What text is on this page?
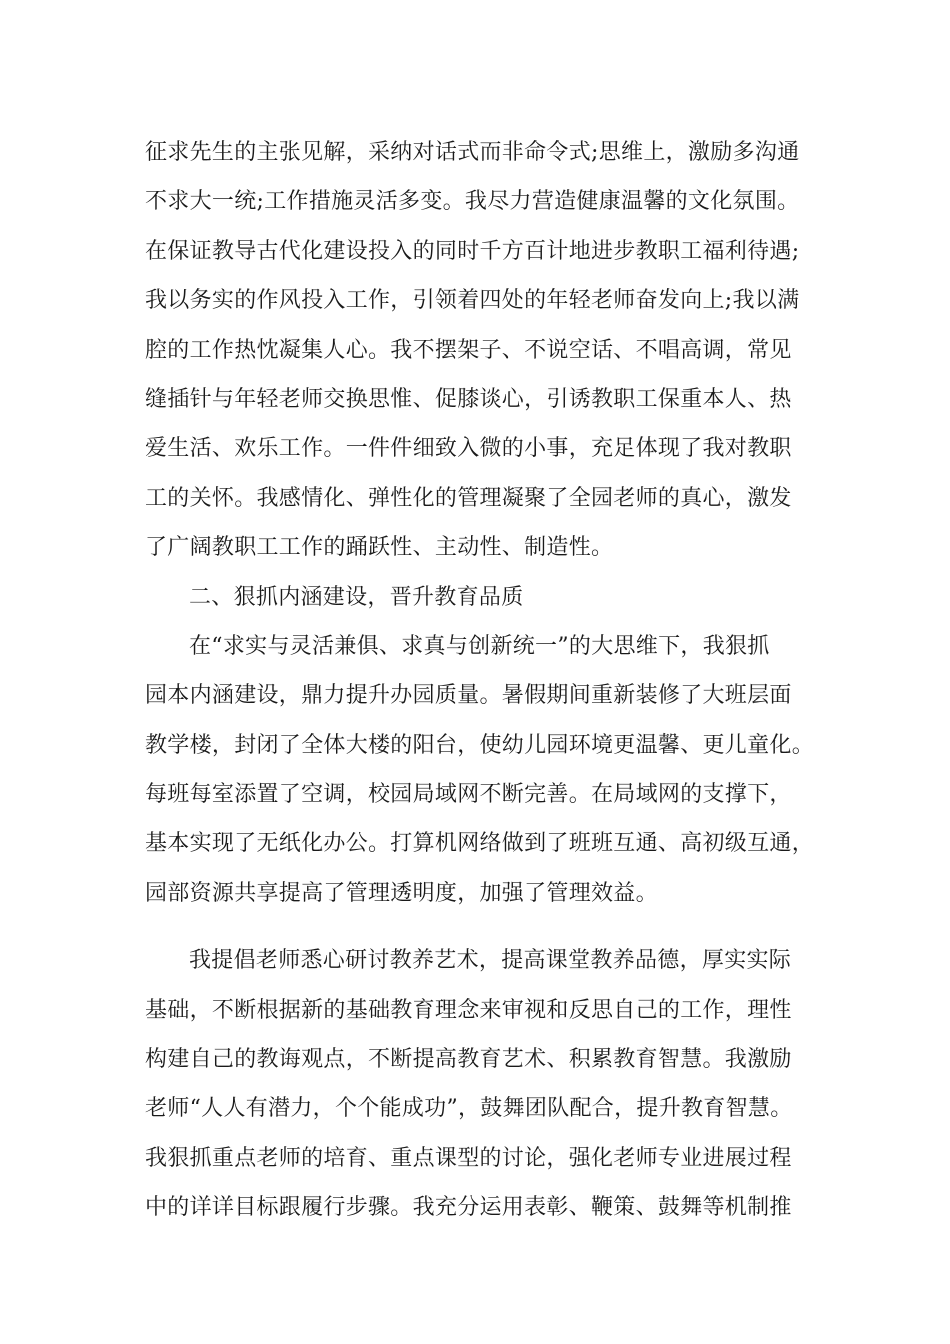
征求先生的主张见解，采纳对话式而非命令式;思维上，激励多沟通
不求大一统;工作措施灵活多变。我尽力营造健康温馨的文化氛围。
在保证教导古代化建设投入的同时千方百计地进步教职工福利待遇;
我以务实的作风投入工作，引领着四处的年轻老师奋发向上;我以满
腔的工作热忱凝集人心。我不摆架子、不说空话、不唱高调，常见
缝插针与年轻老师交换思惟、促膝谈心，引诱教职工保重本人、热
爱生活、欢乐工作。一件件细致入微的小事，充足体现了我对教职
工的关怀。我感情化、弹性化的管理凝聚了全园老师的真心，激发
了广阔教职工工作的踊跃性、主动性、制造性。
二、狠抓内涵建设，晋升教育品质
在“求实与灵活兼俱、求真与创新统一”的大思维下，我狠抓
园本内涵建设，鼎力提升办园质量。暑假期间重新装修了大班层面
教学楼，封闭了全体大楼的阳台，使幼儿园环境更温馨、更儿童化。
每班每室添置了空调，校园局域网不断完善。在局域网的支撑下，
基本实现了无纸化办公。打算机网络做到了班班互通、高初级互通，
园部资源共享提高了管理透明度，加强了管理效益。
我提倡老师悉心研讨教养艺术，提高课堂教养品德，厚实实际
基础，不断根据新的基础教育理念来审视和反思自己的工作，理性
构建自己的教诲观点，不断提高教育艺术、积累教育智慧。我激励
老师“人人有潜力，个个能成功”，鼓舞团队配合，提升教育智慧。
我狠抓重点老师的培育、重点课型的讨论，强化老师专业进展过程
中的详详目标跟履行步骤。我充分运用表彰、鞭策、鼓舞等机制推
